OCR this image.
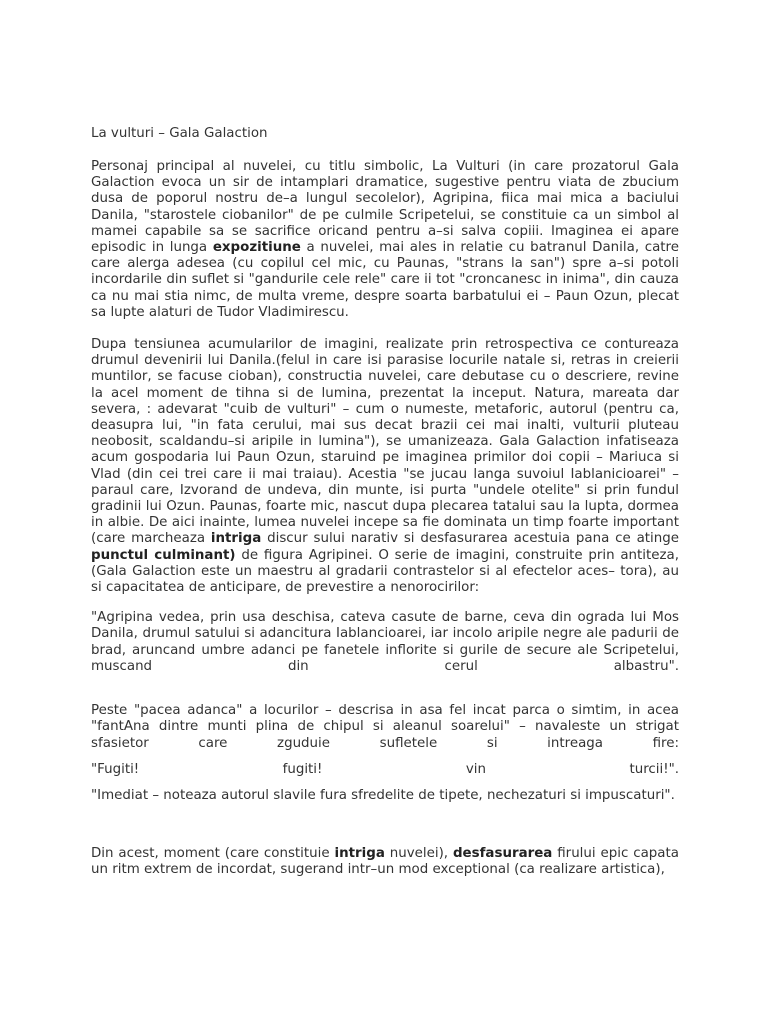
La vulturi – Gala Galaction

Personaj principal al nuvelei, cu titlu simbolic, La Vulturi (in care prozatorul Gala Galaction evoca un sir de intamplari dramatice, sugestive pentru viata de zbucium dusa de poporul nostru de–a lungul secolelor), Agripina, fiica mai mica a baciului Danila, "starostele ciobanilor" de pe culmile Scripetelui, se constituie ca un simbol al mamei capabile sa se sacrifice oricand pentru a–si salva copiii. Imaginea ei apare episodic in lunga expozitiune a nuvelei, mai ales in relatie cu batranul Danila, catre care alerga adesea (cu copilul cel mic, cu Paunas, "strans la san") spre a–si potoli incordarile din suflet si "gandurile cele rele" care ii tot "croncanesc in inima", din cauza ca nu mai stia nimc, de multa vreme, despre soarta barbatului ei – Paun Ozun, plecat sa lupte alaturi de Tudor Vladimirescu.

Dupa tensiunea acumularilor de imagini, realizate prin retrospectiva ce contureaza drumul devenirii lui Danila.(felul in care isi parasise locurile natale si, retras in creierii muntilor, se facuse cioban), constructia nuvelei, care debutase cu o descriere, revine la acel moment de tihna si de lumina, prezentat la inceput. Natura, mareata dar severa, : adevarat "cuib de vulturi" – cum o numeste, metaforic, autorul (pentru ca, deasupra lui, "in fata cerului, mai sus decat brazii cei mai inalti, vulturii pluteau neobosit, scaldandu–si aripile in lumina"), se umanizeaza. Gala Galaction infatiseaza acum gospodaria lui Paun Ozun, staruind pe imaginea primilor doi copii – Mariuca si Vlad (din cei trei care ii mai traiau). Acestia "se jucau langa suvoiul Iablanicioarei" – paraul care, Izvorand de undeva, din munte, isi purta "undele otelite" si prin fundul gradinii lui Ozun. Paunas, foarte mic, nascut dupa plecarea tatalui sau la lupta, dormea in albie. De aici inainte, lumea nuvelei incepe sa fie dominata un timp foarte important (care marcheaza intriga discur sului narativ si desfasurarea acestuia pana ce atinge punctul culminant) de figura Agripinei. O serie de imagini, construite prin antiteza, (Gala Galaction este un maestru al gradarii contrastelor si al efectelor aces– tora), au si capacitatea de anticipare, de prevestire a nenorocirilor:

"Agripina vedea, prin usa deschisa, cateva casute de barne, ceva din ograda lui Mos Danila, drumul satului si adancitura Iablancioarei, iar incolo aripile negre ale padurii de brad, aruncand umbre adanci pe fanetele inflorite si gurile de secure ale Scripetelui, muscand din cerul albastru".

Peste "pacea adanca" a locurilor – descrisa in asa fel incat parca o simtim, in acea "fantAna dintre munti plina de chipul si aleanul soarelui" – navaleste un strigat sfasietor care zguduie sufletele si intreaga fire:

"Fugiti! fugiti! vin turcii!".

"Imediat – noteaza autorul slavile fura sfredelite de tipete, nechezaturi si impuscaturi".

Din acest, moment (care constituie intriga nuvelei), desfasurarea firului epic capata un ritm extrem de incordat, sugerand intr–un mod exceptional (ca realizare artistica),
